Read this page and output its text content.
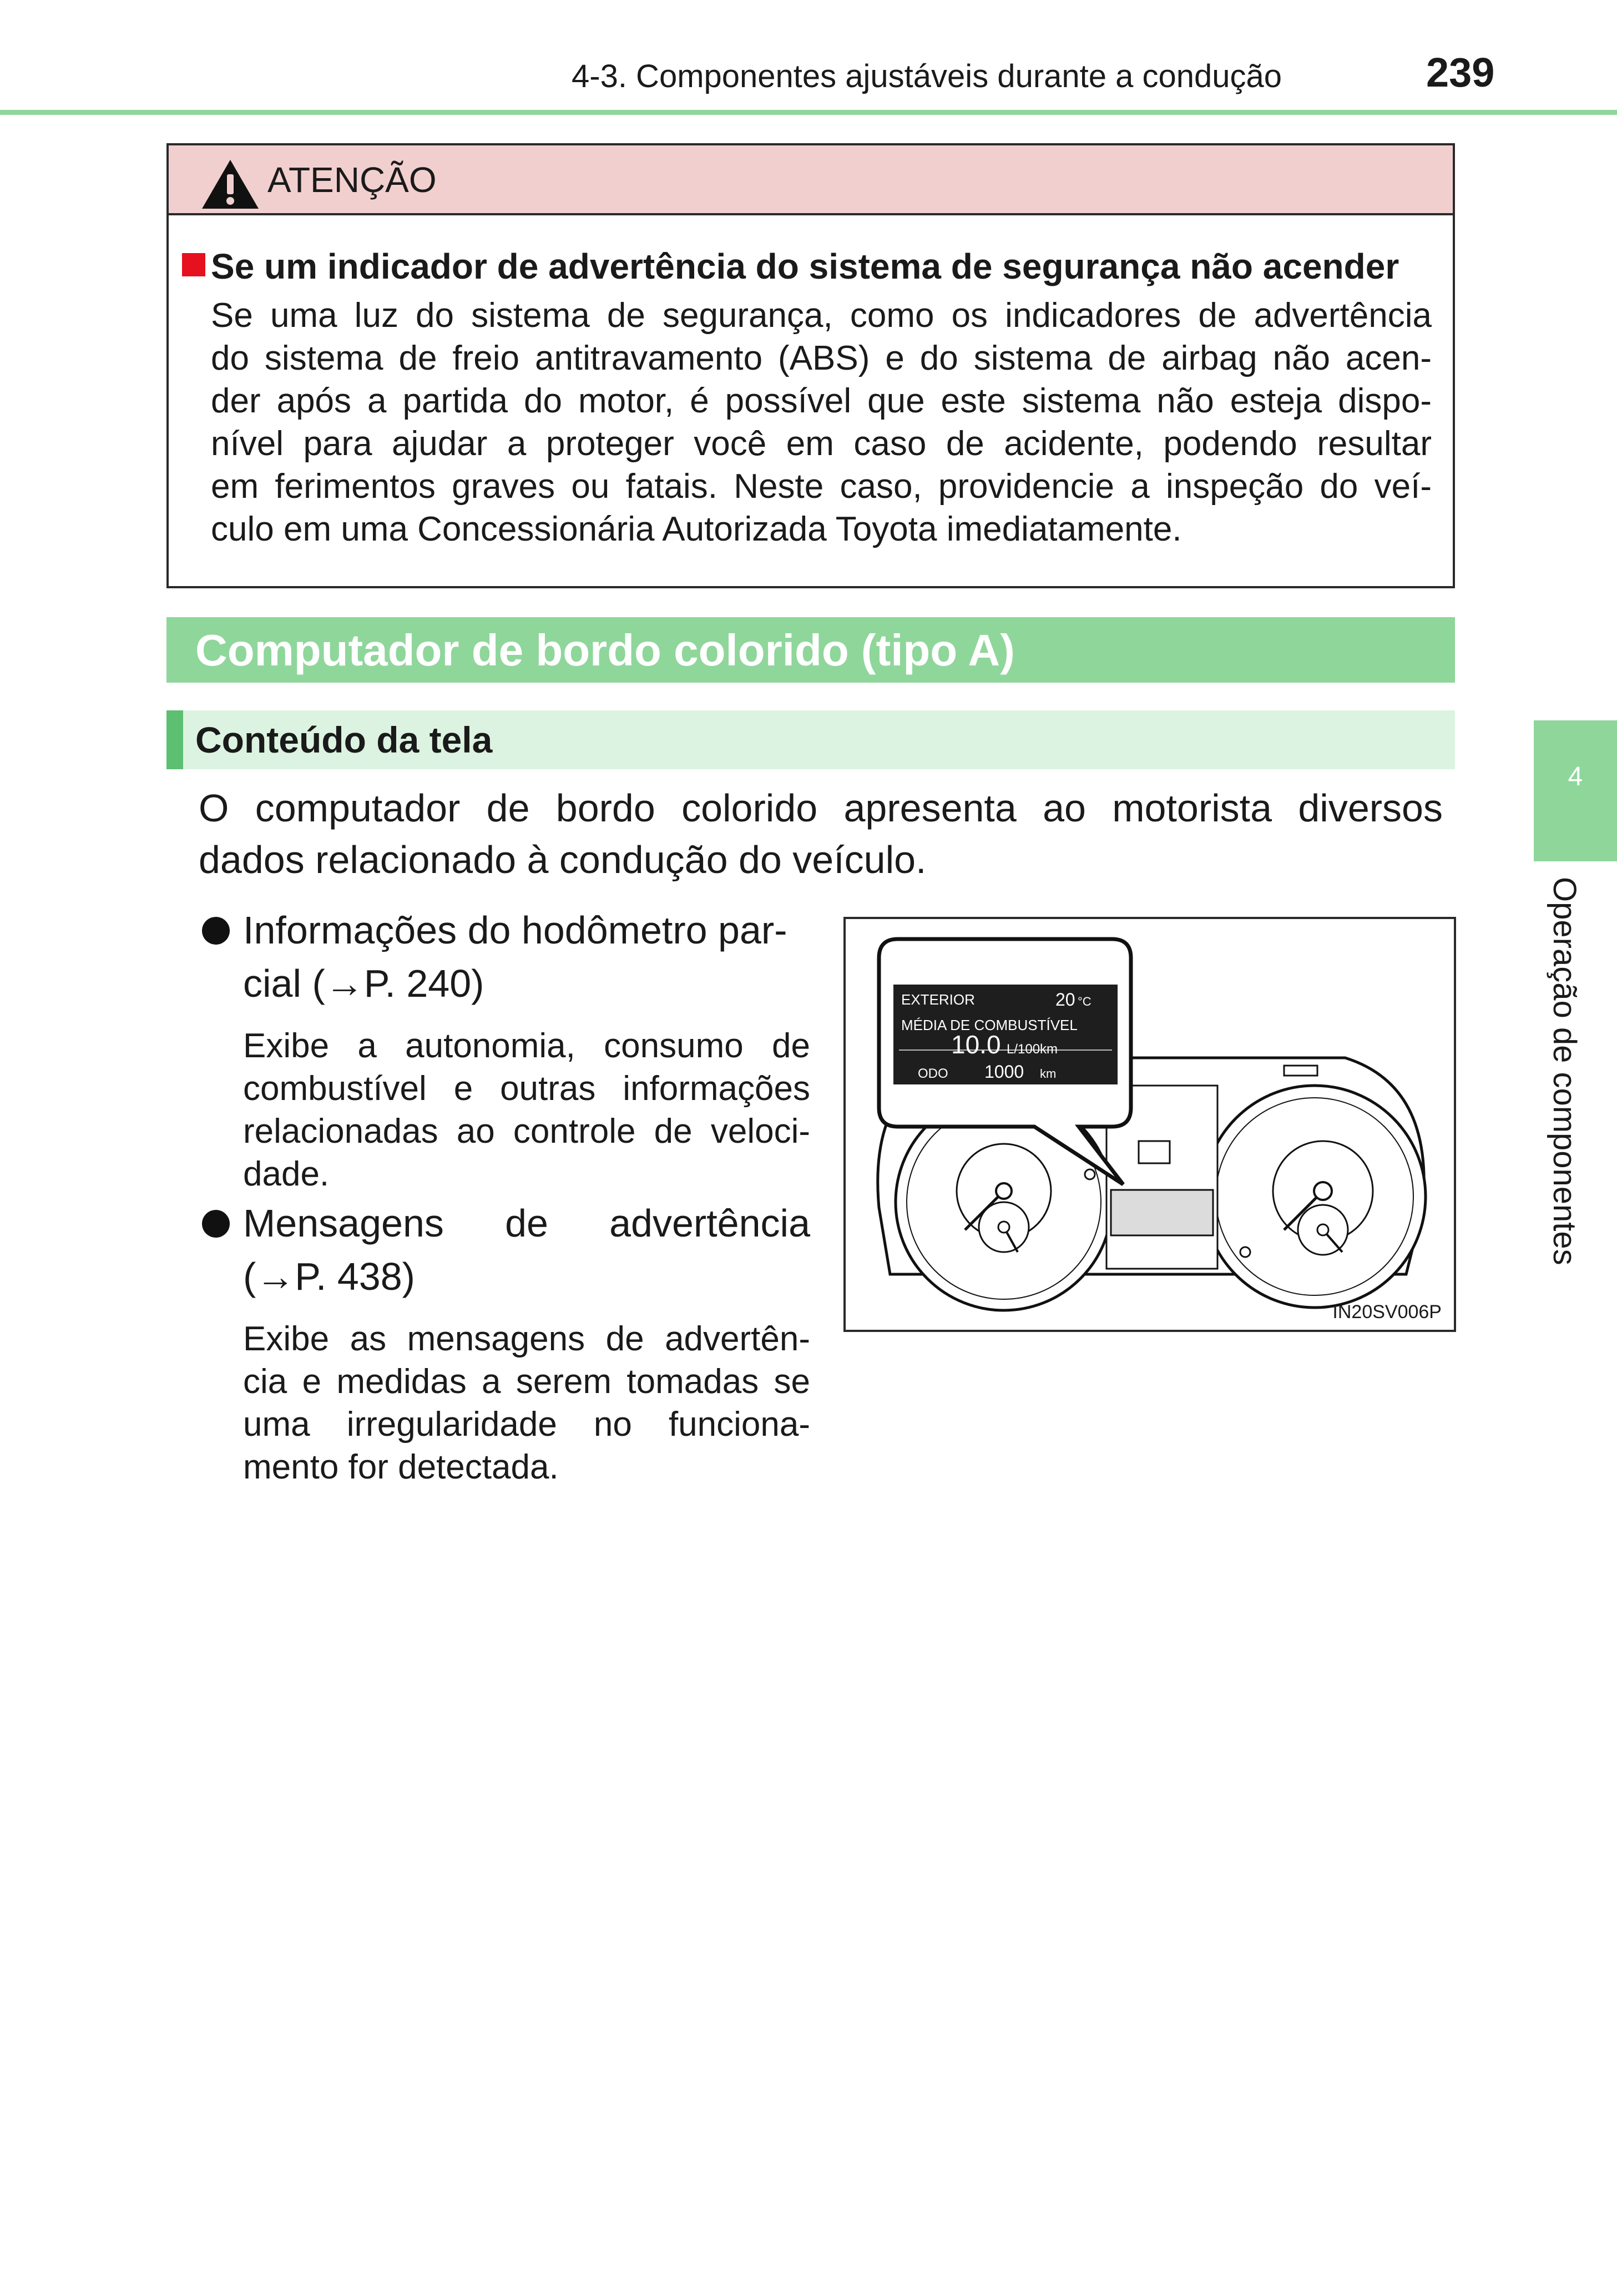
4-3. Componentes ajustáveis durante a condução	239
ATENÇÃO
Se um indicador de advertência do sistema de segurança não acender
Se uma luz do sistema de segurança, como os indicadores de advertência
do sistema de freio antitravamento (ABS) e do sistema de airbag não acen-
der após a partida do motor, é possível que este sistema não esteja dispo-
nível para ajudar a proteger você em caso de acidente, podendo resultar
em ferimentos graves ou fatais. Neste caso, providencie a inspeção do veí-
culo em uma Concessionária Autorizada Toyota imediatamente.
Computador de bordo colorido (tipo A)
Conteúdo da tela
O computador de bordo colorido apresenta ao motorista diversos
dados relacionado à condução do veículo.
Informações do hodômetro par-
cial (→P. 240)
Exibe a autonomia, consumo de
combustível e outras informações
relacionadas ao controle de veloci-
dade.
Mensagens de advertência
(→P. 438)
Exibe as mensagens de advertên-
cia e medidas a serem tomadas se
uma irregularidade no funciona-
mento for detectada.
EXTERIOR	20 °C
MÉDIA DE COMBUSTÍVEL
10.0 L/100km
ODO 1000 km
IN20SV006P
4
Operação de componentes
